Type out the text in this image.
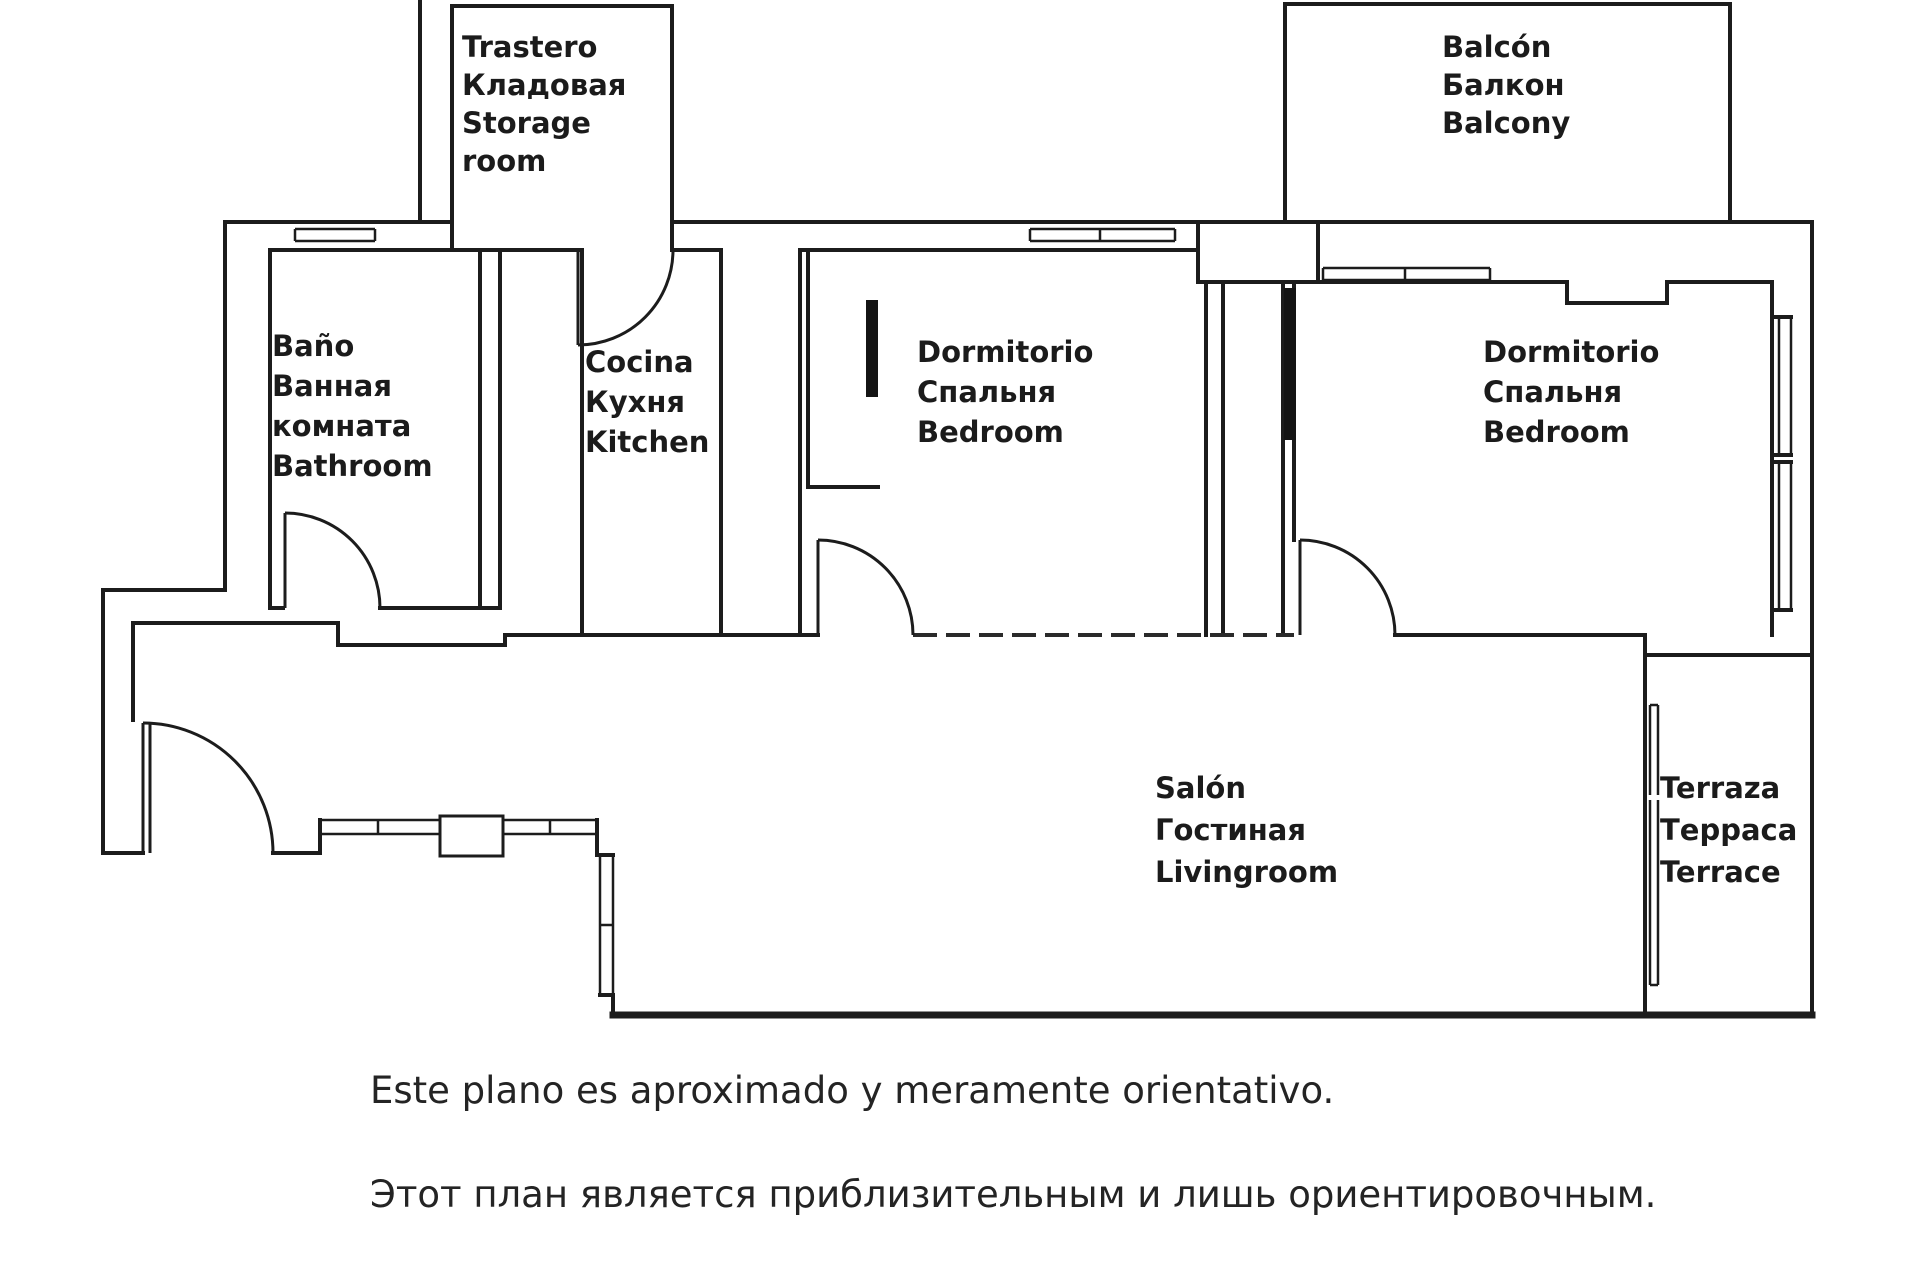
Trastero
Кладовая
Storage
room
Balcón
Балкон
Balcony
Baño
Ванная
комната
Bathroom
Cocina
Кухня
Kitchen
Dormitorio
Спальня
Bedroom
Dormitorio
Спальня
Bedroom
Salón
Гостиная
Livingroom
Terraza
Терраса
Terrace
Este plano es aproximado y meramente orientativo.
Этот план является приблизительным и лишь ориентировочным.
